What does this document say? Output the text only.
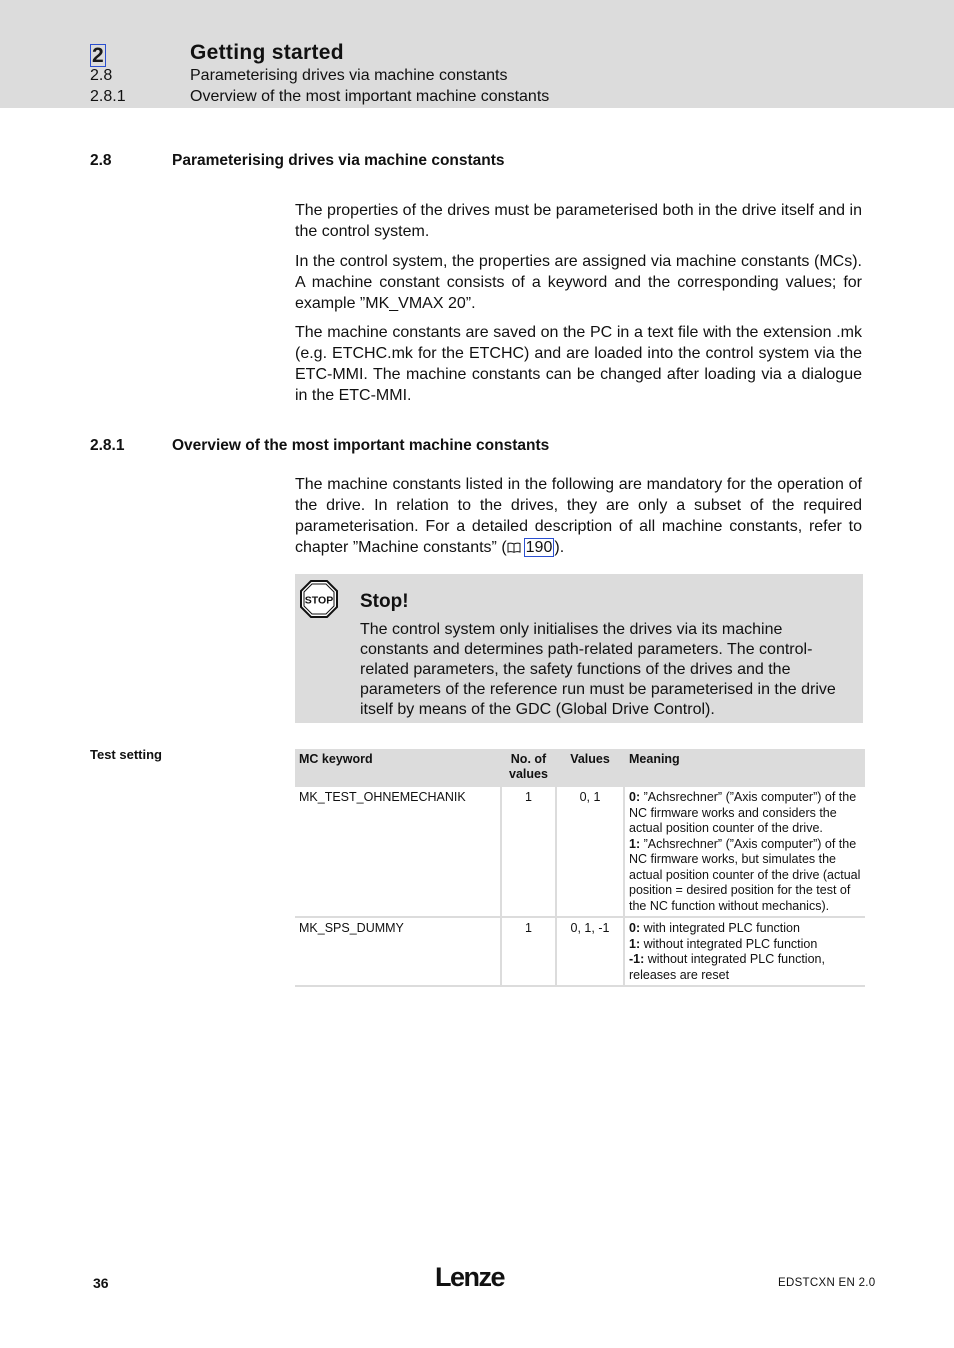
2	Getting started
2.8	Parameterising drives via machine constants
2.8.1	Overview of the most important machine constants
2.8	Parameterising drives via machine constants

The properties of the drives must be parameterised both in the drive itself and in the control system.

In the control system, the properties are assigned via machine constants (MCs). A machine constant consists of a keyword and the corresponding values; for example ”MK_VMAX 20”.

The machine constants are saved on the PC in a text file with the extension .mk (e.g. ETCHC.mk for the ETCHC) and are loaded into the control system via the ETC-MMI. The machine constants can be changed after loading via a dialogue in the ETC-MMI.

2.8.1	Overview of the most important machine constants

The machine constants listed in the following are mandatory for the operation of the drive. In relation to the drives, they are only a subset of the required parameterisation. For a detailed description of all machine constants, refer to chapter ”Machine constants” ( 190 ).

STOP Stop!

The control system only initialises the drives via its machine constants and determines path-related parameters. The control-related parameters, the safety functions of the drives and the parameters of the reference run must be parameterised in the drive itself by means of the GDC (Global Drive Control).

Test setting	MC keyword	No. of values	Values	Meaning
MK_TEST_OHNEMECHANIK	1	0, 1	0: ”Achsrechner” (”Axis computer”) of the NC firmware works and considers the actual position counter of the drive.
1: ”Achsrechner” (”Axis computer”) of the NC firmware works, but simulates the actual position counter of the drive (actual position = desired position for the test of the NC function without mechanics).

MK_SPS_DUMMY	1	0, 1, -1	0: with integrated PLC function
1: without integrated PLC function
-1: without integrated PLC function, releases are reset
36	Lenze	EDSTCXN EN 2.0
